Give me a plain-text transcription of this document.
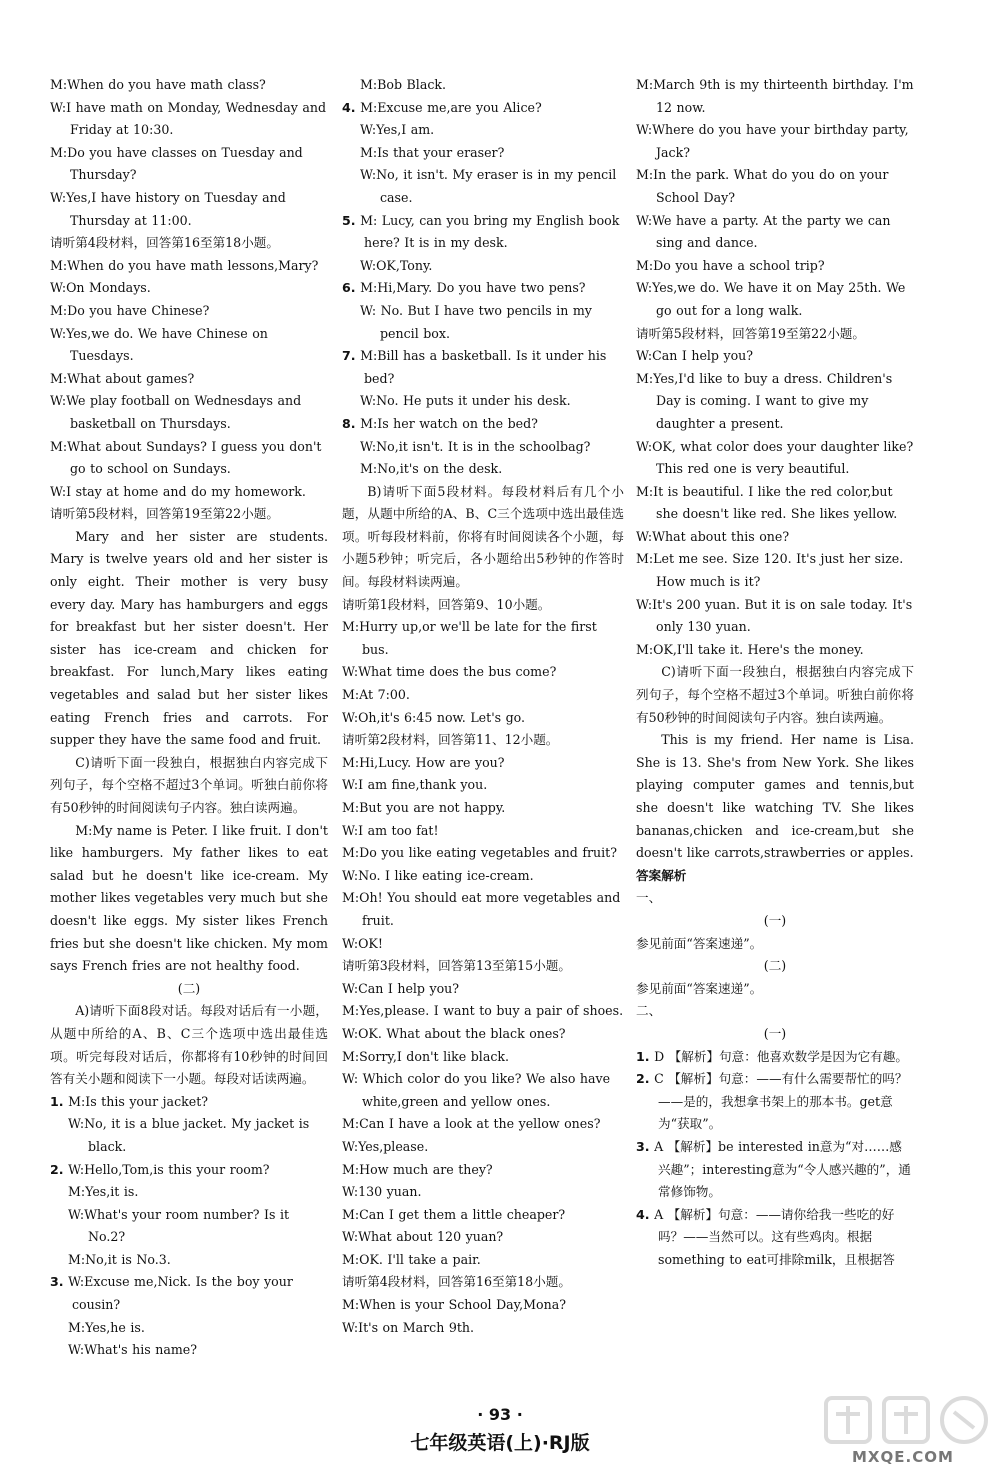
M:When do you have math class?
W:I have math on Monday, Wednesday and Friday at 10:30.
M:Do you have classes on Tuesday and Thursday?
W:Yes,I have history on Tuesday and Thursday at 11:00.
请听第4段材料，回答第16至第18小题。
M:When do you have math lessons,Mary?
W:On Mondays.
M:Do you have Chinese?
W:Yes,we do. We have Chinese on Tuesdays.
M:What about games?
W:We play football on Wednesdays and basketball on Thursdays.
M:What about Sundays? I guess you don't go to school on Sundays.
W:I stay at home and do my homework.
请听第5段材料，回答第19至第22小题。
Mary and her sister are students. Mary is twelve years old and her sister is only eight. Their mother is very busy every day. Mary has hamburgers and eggs for breakfast but her sister doesn't. Her sister has ice-cream and chicken for breakfast. For lunch,Mary likes eating vegetables and salad but her sister likes eating French fries and carrots. For supper they have the same food and fruit.
C)请听下面一段独白，根据独白内容完成下列句子，每个空格不超过3个单词。听独白前你将有50秒钟的时间阅读句子内容。独白读两遍。
M:My name is Peter. I like fruit. I don't like hamburgers. My father likes to eat salad but he doesn't like ice-cream. My mother likes vegetables very much but she doesn't like eggs. My sister likes French fries but she doesn't like chicken. My mom says French fries are not healthy food.
(二)
A)请听下面8段对话。每段对话后有一小题，从题中所给的A、B、C三个选项中选出最佳选项。听完每段对话后，你都将有10秒钟的时间回答有关小题和阅读下一小题。每段对话读两遍。
1. M:Is this your jacket?
W:No, it is a blue jacket. My jacket is black.
2. W:Hello,Tom,is this your room?
M:Yes,it is.
W:What's your room number? Is it No.2?
M:No,it is No.3.
3. W:Excuse me,Nick. Is the boy your cousin?
M:Yes,he is.
W:What's his name?
M:Bob Black.
4. M:Excuse me,are you Alice?
W:Yes,I am.
M:Is that your eraser?
W:No, it isn't. My eraser is in my pencil case.
5. M: Lucy, can you bring my English book here? It is in my desk.
W:OK,Tony.
6. M:Hi,Mary. Do you have two pens?
W: No. But I have two pencils in my pencil box.
7. M:Bill has a basketball. Is it under his bed?
W:No. He puts it under his desk.
8. M:Is her watch on the bed?
W:No,it isn't. It is in the schoolbag?
M:No,it's on the desk.
B)请听下面5段材料。每段材料后有几个小题，从题中所给的A、B、C三个选项中选出最佳选项。听每段材料前，你将有时间阅读各个小题，每小题5秒钟；听完后，各小题给出5秒钟的作答时间。每段材料读两遍。
请听第1段材料，回答第9、10小题。
M:Hurry up,or we'll be late for the first bus.
W:What time does the bus come?
M:At 7:00.
W:Oh,it's 6:45 now. Let's go.
请听第2段材料，回答第11、12小题。
M:Hi,Lucy. How are you?
W:I am fine,thank you.
M:But you are not happy.
W:I am too fat!
M:Do you like eating vegetables and fruit?
W:No. I like eating ice-cream.
M:Oh! You should eat more vegetables and fruit.
W:OK!
请听第3段材料，回答第13至第15小题。
W:Can I help you?
M:Yes,please. I want to buy a pair of shoes.
W:OK. What about the black ones?
M:Sorry,I don't like black.
W: Which color do you like? We also have white,green and yellow ones.
M:Can I have a look at the yellow ones?
W:Yes,please.
M:How much are they?
W:130 yuan.
M:Can I get them a little cheaper?
W:What about 120 yuan?
M:OK. I'll take a pair.
请听第4段材料，回答第16至第18小题。
M:When is your School Day,Mona?
W:It's on March 9th.
M:March 9th is my thirteenth birthday. I'm 12 now.
W:Where do you have your birthday party, Jack?
M:In the park. What do you do on your School Day?
W:We have a party. At the party we can sing and dance.
M:Do you have a school trip?
W:Yes,we do. We have it on May 25th. We go out for a long walk.
请听第5段材料，回答第19至第22小题。
W:Can I help you?
M:Yes,I'd like to buy a dress. Children's Day is coming. I want to give my daughter a present.
W:OK, what color does your daughter like? This red one is very beautiful.
M:It is beautiful. I like the red color,but she doesn't like red. She likes yellow.
W:What about this one?
M:Let me see. Size 120. It's just her size. How much is it?
W:It's 200 yuan. But it is on sale today. It's only 130 yuan.
M:OK,I'll take it. Here's the money.
C)请听下面一段独白，根据独白内容完成下列句子，每个空格不超过3个单词。听独白前你将有50秒钟的时间阅读句子内容。独白读两遍。
This is my friend. Her name is Lisa. She is 13. She's from New York. She likes playing computer games and tennis,but she doesn't like watching TV. She likes bananas,chicken and ice-cream,but she doesn't like carrots,strawberries or apples.
答案解析
一、
(一)
参见前面“答案速递”。
(二)
参见前面“答案速递”。
二、
(一)
1. D 【解析】句意：他喜欢数学是因为它有趣。
2. C 【解析】句意：——有什么需要帮忙的吗？——是的，我想拿书架上的那本书。get意为“获取”。
3. A 【解析】be interested in意为“对……感兴趣”；interesting意为“令人感兴趣的”，通常修饰物。
4. A 【解析】句意：——请你给我一些吃的好吗？——当然可以。这有些鸡肉。根据something to eat可排除milk，且根据答
· 93 ·
七年级英语(上)·RJ版
MXQE.COM
